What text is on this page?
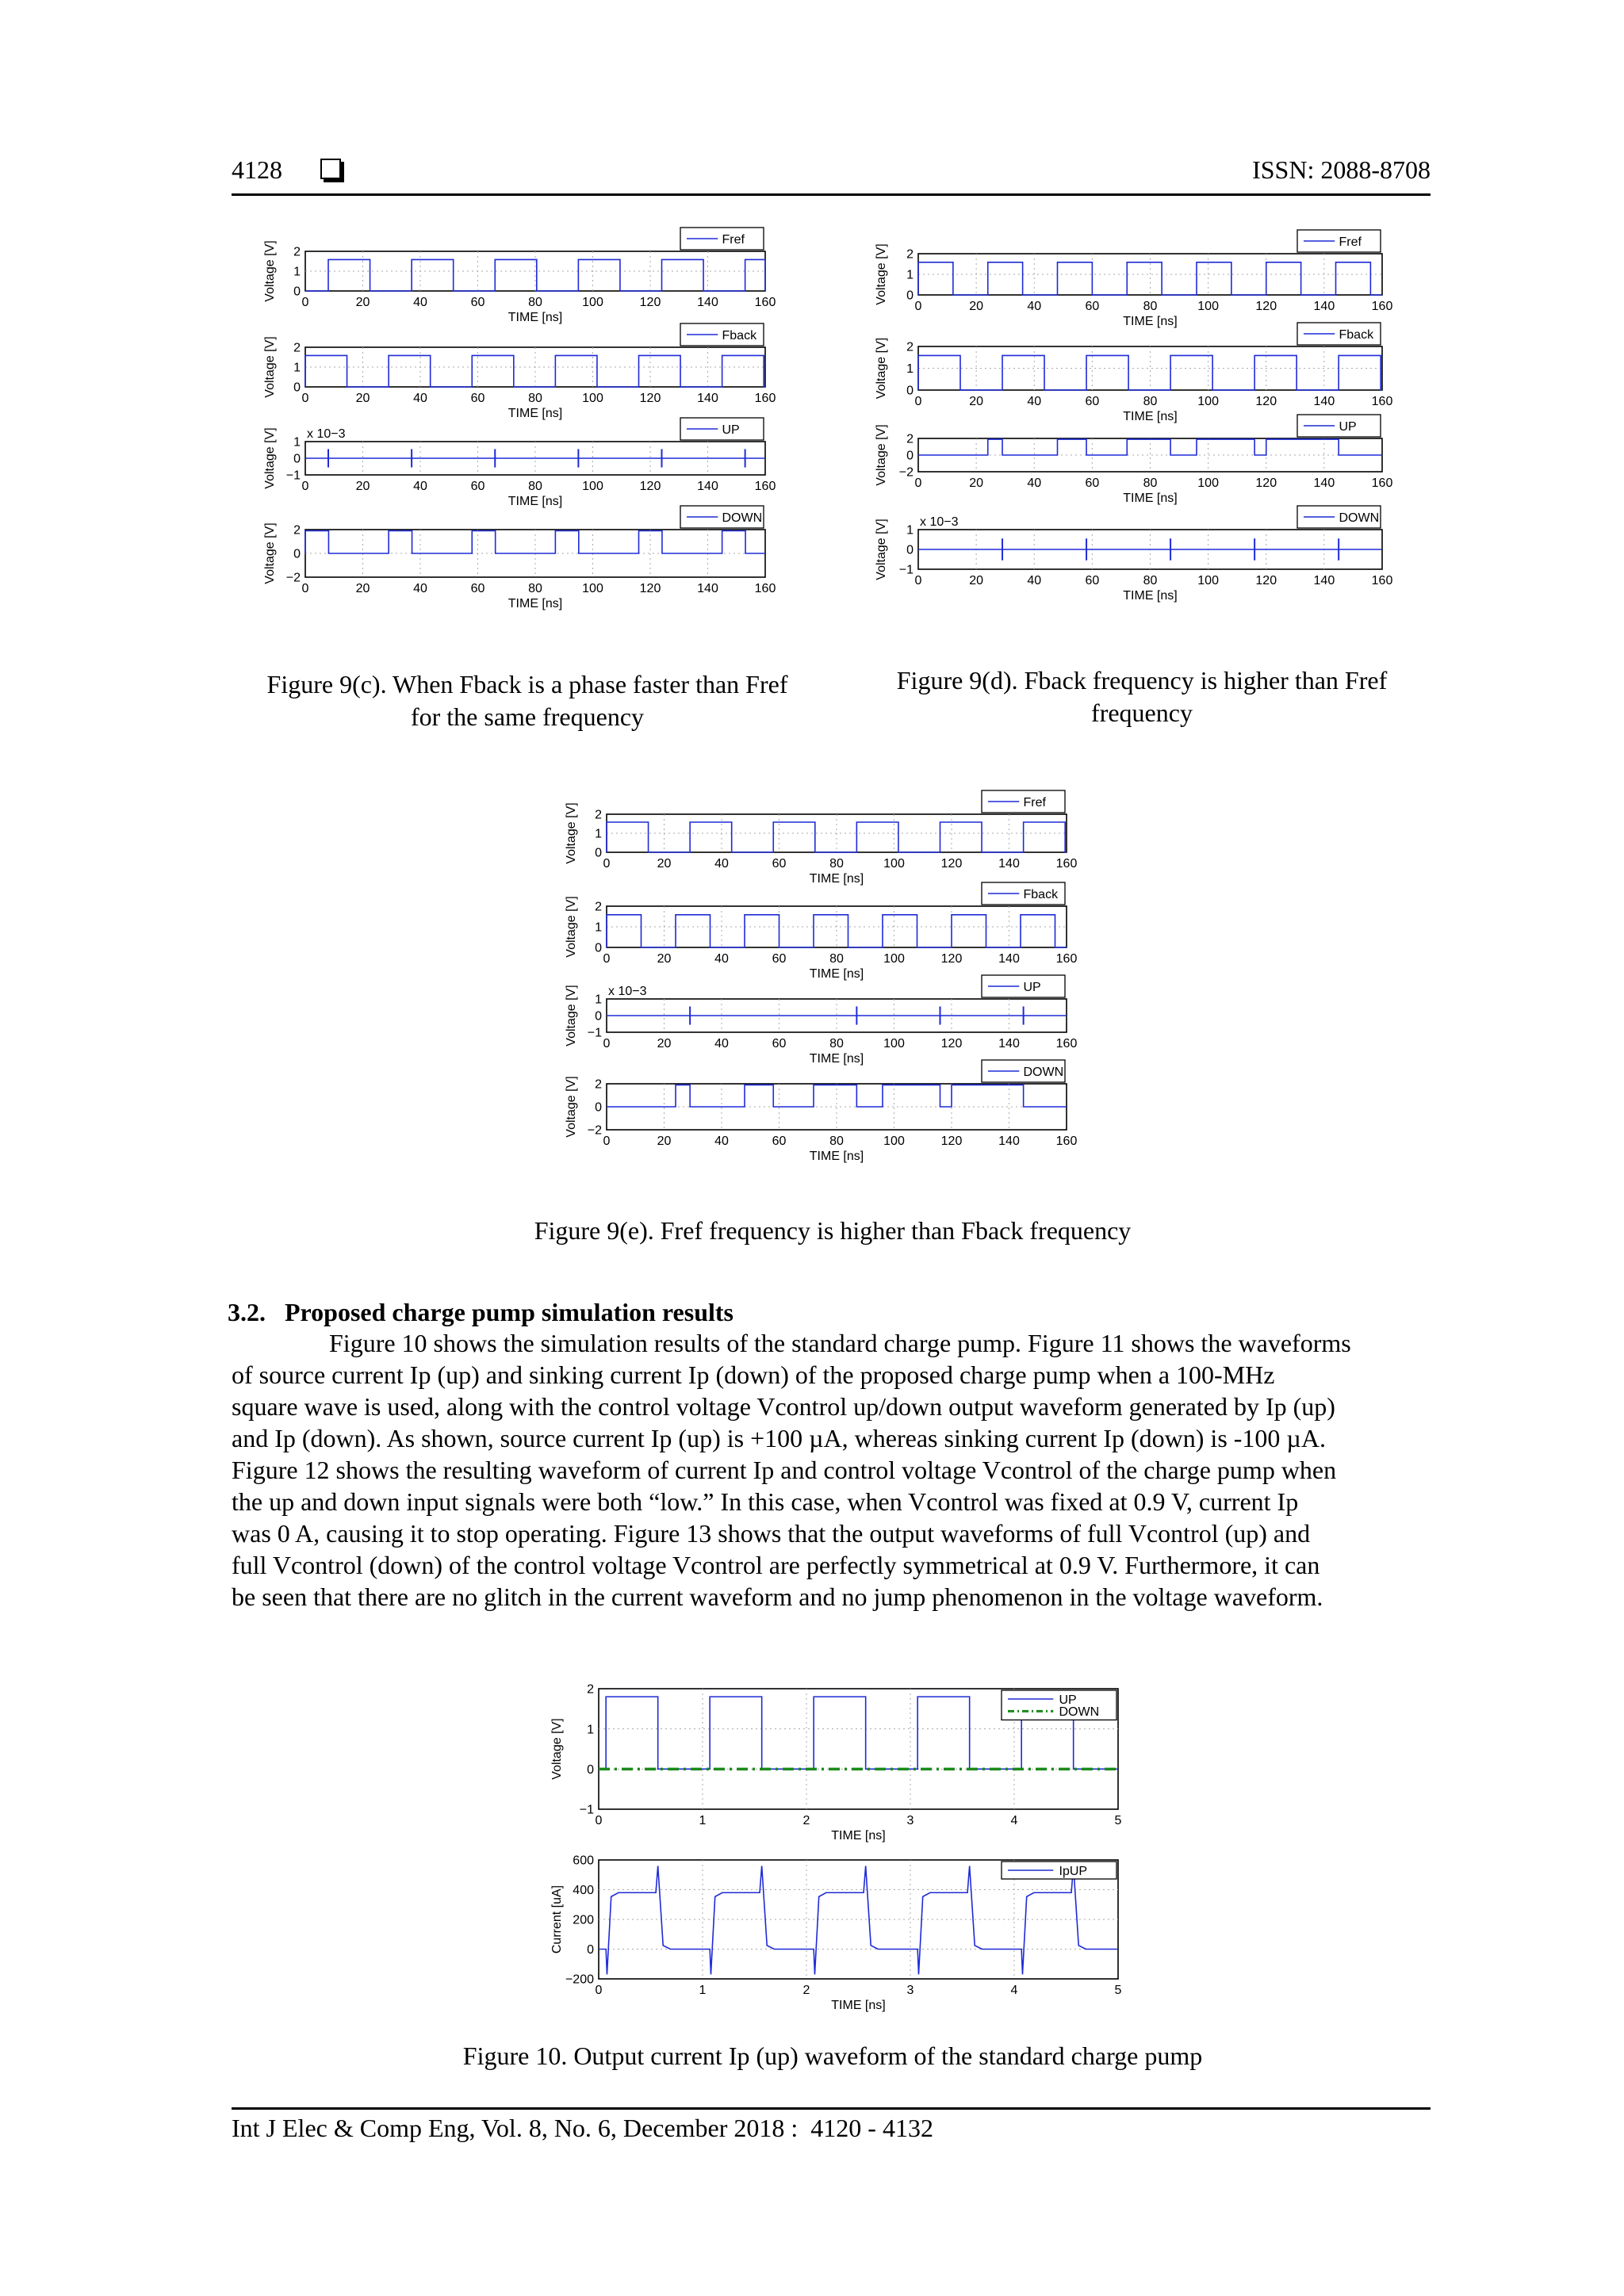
4128	ISSN: 2088-8708
0	20	40	60	80	100	120	140	160
0
1
2
Voltage [V]
TIME [ns]
Fref
0	20	40	60	80	100	120	140	160
0
1
2
Voltage [V]
TIME [ns]
Fback
0	20	40	60	80	100	120	140	160
−1
0
1
x 10−3
Voltage [V]
TIME [ns]
UP
0	20	40	60	80	100	120	140	160
−2
0
2
Voltage [V]
TIME [ns]
DOWN
Figure 9(c). When Fback is a phase faster than Fref
for the same frequency
0	20	40	60	80	100	120	140	160
0
1
2
Voltage [V]
TIME [ns]
Fref
0	20	40	60	80	100	120	140	160
0
1
2
Voltage [V]
TIME [ns]
Fback
0	20	40	60	80	100	120	140	160
−2
0
2
Voltage [V]
TIME [ns]
UP
0	20	40	60	80	100	120	140	160
−1
0
1
x 10−3
Voltage [V]
TIME [ns]
DOWN
Figure 9(d). Fback frequency is higher than Fref
frequency
0	20	40	60	80	100	120	140	160
0
1
2
Voltage [V]
TIME [ns]
Fref
0	20	40	60	80	100	120	140	160
0
1
2
Voltage [V]
TIME [ns]
Fback
0	20	40	60	80	100	120	140	160
−1
0
1
x 10−3
Voltage [V]
TIME [ns]
UP
0	20	40	60	80	100	120	140	160
−2
0
2
Voltage [V]
TIME [ns]
DOWN
Figure 9(e). Fref frequency is higher than Fback frequency
3.2.   Proposed charge pump simulation results
Figure 10 shows the simulation results of the standard charge pump. Figure 11 shows the waveforms
of source current Ip (up) and sinking current Ip (down) of the proposed charge pump when a 100-MHz
square wave is used, along with the control voltage Vcontrol up/down output waveform generated by Ip (up)
and Ip (down). As shown, source current Ip (up) is +100 µA, whereas sinking current Ip (down) is -100 µA.
Figure 12 shows the resulting waveform of current Ip and control voltage Vcontrol of the charge pump when
the up and down input signals were both “low.” In this case, when Vcontrol was fixed at 0.9 V, current Ip
was 0 A, causing it to stop operating. Figure 13 shows that the output waveforms of full Vcontrol (up) and
full Vcontrol (down) of the control voltage Vcontrol are perfectly symmetrical at 0.9 V. Furthermore, it can
be seen that there are no glitch in the current waveform and no jump phenomenon in the voltage waveform.
0	1	2	3	4	5
−1
0
1
2
Voltage [V]
TIME [ns]
UP
DOWN
0	1	2	3	4	5
−200
0
200
400
600
Current [uA]
TIME [ns]
IpUP
Figure 10. Output current Ip (up) waveform of the standard charge pump
Int J Elec & Comp Eng, Vol. 8, No. 6, December 2018 :  4120 - 4132
